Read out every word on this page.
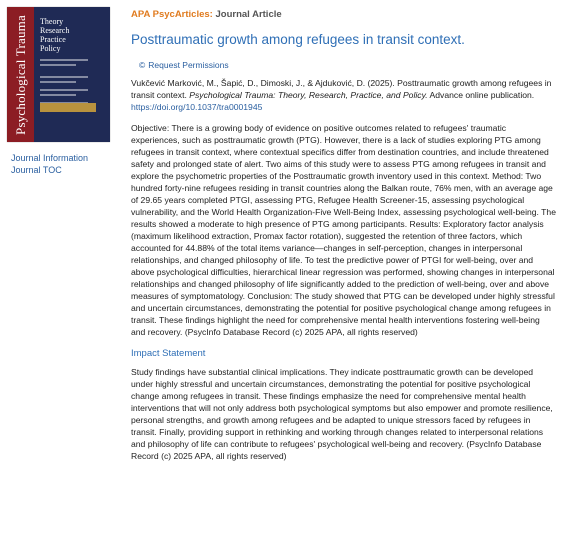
Psychological Trauma Theory
Research
Practice
Policy
Journal Information
Journal TOC
APA PsycArticles: Journal Article
Posttraumatic growth among refugees in transit context.
© Request Permissions
Vukčević Marković, M., Šapić, D., Dimoski, J., & Ajduković, D. (2025). Posttraumatic growth among refugees in transit context. Psychological Trauma: Theory, Research, Practice, and Policy. Advance online publication. https://doi.org/10.1037/tra0001945
Objective: There is a growing body of evidence on positive outcomes related to refugees' traumatic experiences, such as posttraumatic growth (PTG). However, there is a lack of studies exploring PTG among refugees in transit context, where contextual specifics differ from destination countries, and include threatened safety and prolonged state of alert. Two aims of this study were to assess PTG among refugees in transit and explore the psychometric properties of the Posttraumatic growth inventory used in this context. Method: Two hundred forty-nine refugees residing in transit countries along the Balkan route, 76% men, with an average age of 29.65 years completed PTGI, assessing PTG, Refugee Health Screener-15, assessing psychological vulnerability, and the World Health Organization-Five Well-Being Index, assessing psychological well-being. The results showed a moderate to high presence of PTG among participants. Results: Exploratory factor analysis (maximum likelihood extraction, Promax factor rotation), suggested the retention of three factors, which accounted for 44.88% of the total items variance—changes in self-perception, changes in interpersonal relationships, and changed philosophy of life. To test the predictive power of PTGI for well-being, over and above psychological difficulties, hierarchical linear regression was performed, showing changes in interpersonal relationships and changed philosophy of life significantly added to the prediction of well-being, over and above measures of symptomatology. Conclusion: The study showed that PTG can be developed under highly stressful and uncertain circumstances, demonstrating the potential for positive psychological change among refugees in transit. These findings highlight the need for comprehensive mental health interventions fostering well-being and recovery. (PsycInfo Database Record (c) 2025 APA, all rights reserved)
Impact Statement
Study findings have substantial clinical implications. They indicate posttraumatic growth can be developed under highly stressful and uncertain circumstances, demonstrating the potential for positive psychological change among refugees in transit. These findings emphasize the need for comprehensive mental health interventions that will not only address both psychological symptoms but also empower and promote resilience, personal strengths, and growth among refugees and be adapted to unique stressors faced by refugees in transit. Finally, providing support in rethinking and working through changes related to interpersonal relations and philosophy of life can contribute to refugees' psychological well-being and recovery. (PsycInfo Database Record (c) 2025 APA, all rights reserved)
